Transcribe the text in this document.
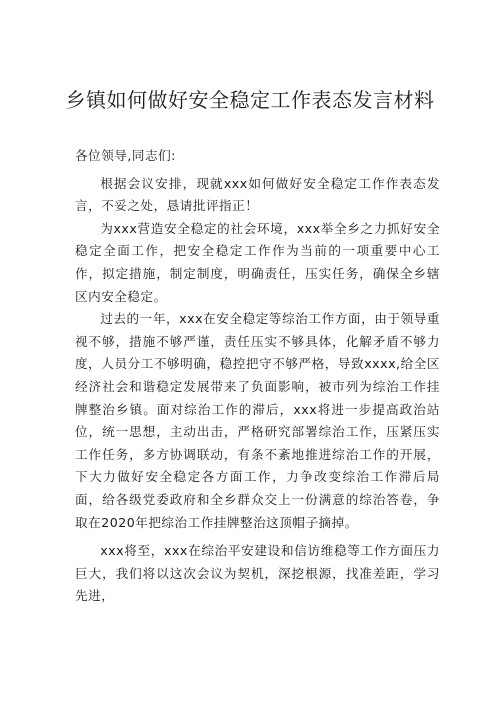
乡镇如何做好安全稳定工作表态发言材料

各位领导,同志们:

根据会议安排，现就xxx如何做好安全稳定工作作表态发言，不妥之处，恳请批评指正！

为xxx营造安全稳定的社会环境，xxx举全乡之力抓好安全稳定全面工作，把安全稳定工作作为当前的一项重要中心工作，拟定措施，制定制度，明确责任，压实任务，确保全乡辖区内安全稳定。

过去的一年，xxx在安全稳定等综治工作方面，由于领导重视不够，措施不够严谨，责任压实不够具体，化解矛盾不够力度，人员分工不够明确，稳控把守不够严格，导致xxxx,给全区经济社会和谐稳定发展带来了负面影响，被市列为综治工作挂牌整治乡镇。面对综治工作的滞后，xxx将进一步提高政治站位，统一思想，主动出击，严格研究部署综治工作，压紧压实工作任务，多方协调联动，有条不紊地推进综治工作的开展，下大力做好安全稳定各方面工作，力争改变综治工作滞后局面，给各级党委政府和全乡群众交上一份满意的综治答卷，争取在2020年把综治工作挂牌整治这顶帽子摘掉。

xxx将至，xxx在综治平安建设和信访维稳等工作方面压力巨大，我们将以这次会议为契机，深挖根源，找准差距，学习先进，
